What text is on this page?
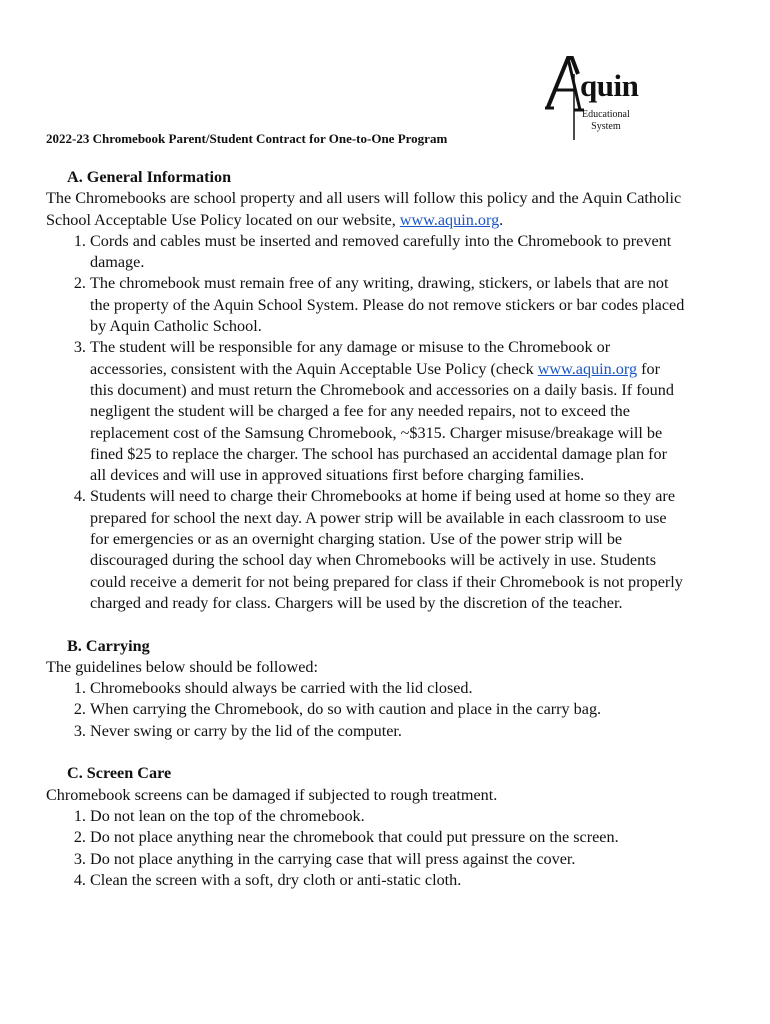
quin
Educational
System
2022-23 Chromebook Parent/Student Contract for One-to-One Program
A. General Information

The Chromebooks are school property and all users will follow this policy and the Aquin Catholic School Acceptable Use Policy located on our website, www.aquin.org.

1. Cords and cables must be inserted and removed carefully into the Chromebook to prevent damage.
2. The chromebook must remain free of any writing, drawing, stickers, or labels that are not the property of the Aquin School System. Please do not remove stickers or bar codes placed by Aquin Catholic School.
3. The student will be responsible for any damage or misuse to the Chromebook or accessories, consistent with the Aquin Acceptable Use Policy (check www.aquin.org for this document) and must return the Chromebook and accessories on a daily basis. If found negligent the student will be charged a fee for any needed repairs, not to exceed the replacement cost of the Samsung Chromebook, ~$315. Charger misuse/breakage will be fined $25 to replace the charger. The school has purchased an accidental damage plan for all devices and will use in approved situations first before charging families.
4. Students will need to charge their Chromebooks at home if being used at home so they are prepared for school the next day. A power strip will be available in each classroom to use for emergencies or as an overnight charging station. Use of the power strip will be discouraged during the school day when Chromebooks will be actively in use. Students could receive a demerit for not being prepared for class if their Chromebook is not properly charged and ready for class. Chargers will be used by the discretion of the teacher.
B. Carrying

The guidelines below should be followed:

1. Chromebooks should always be carried with the lid closed.
2. When carrying the Chromebook, do so with caution and place in the carry bag.
3. Never swing or carry by the lid of the computer.
C. Screen Care

Chromebook screens can be damaged if subjected to rough treatment.

1. Do not lean on the top of the chromebook.
2. Do not place anything near the chromebook that could put pressure on the screen.
3. Do not place anything in the carrying case that will press against the cover.
4. Clean the screen with a soft, dry cloth or anti-static cloth.
